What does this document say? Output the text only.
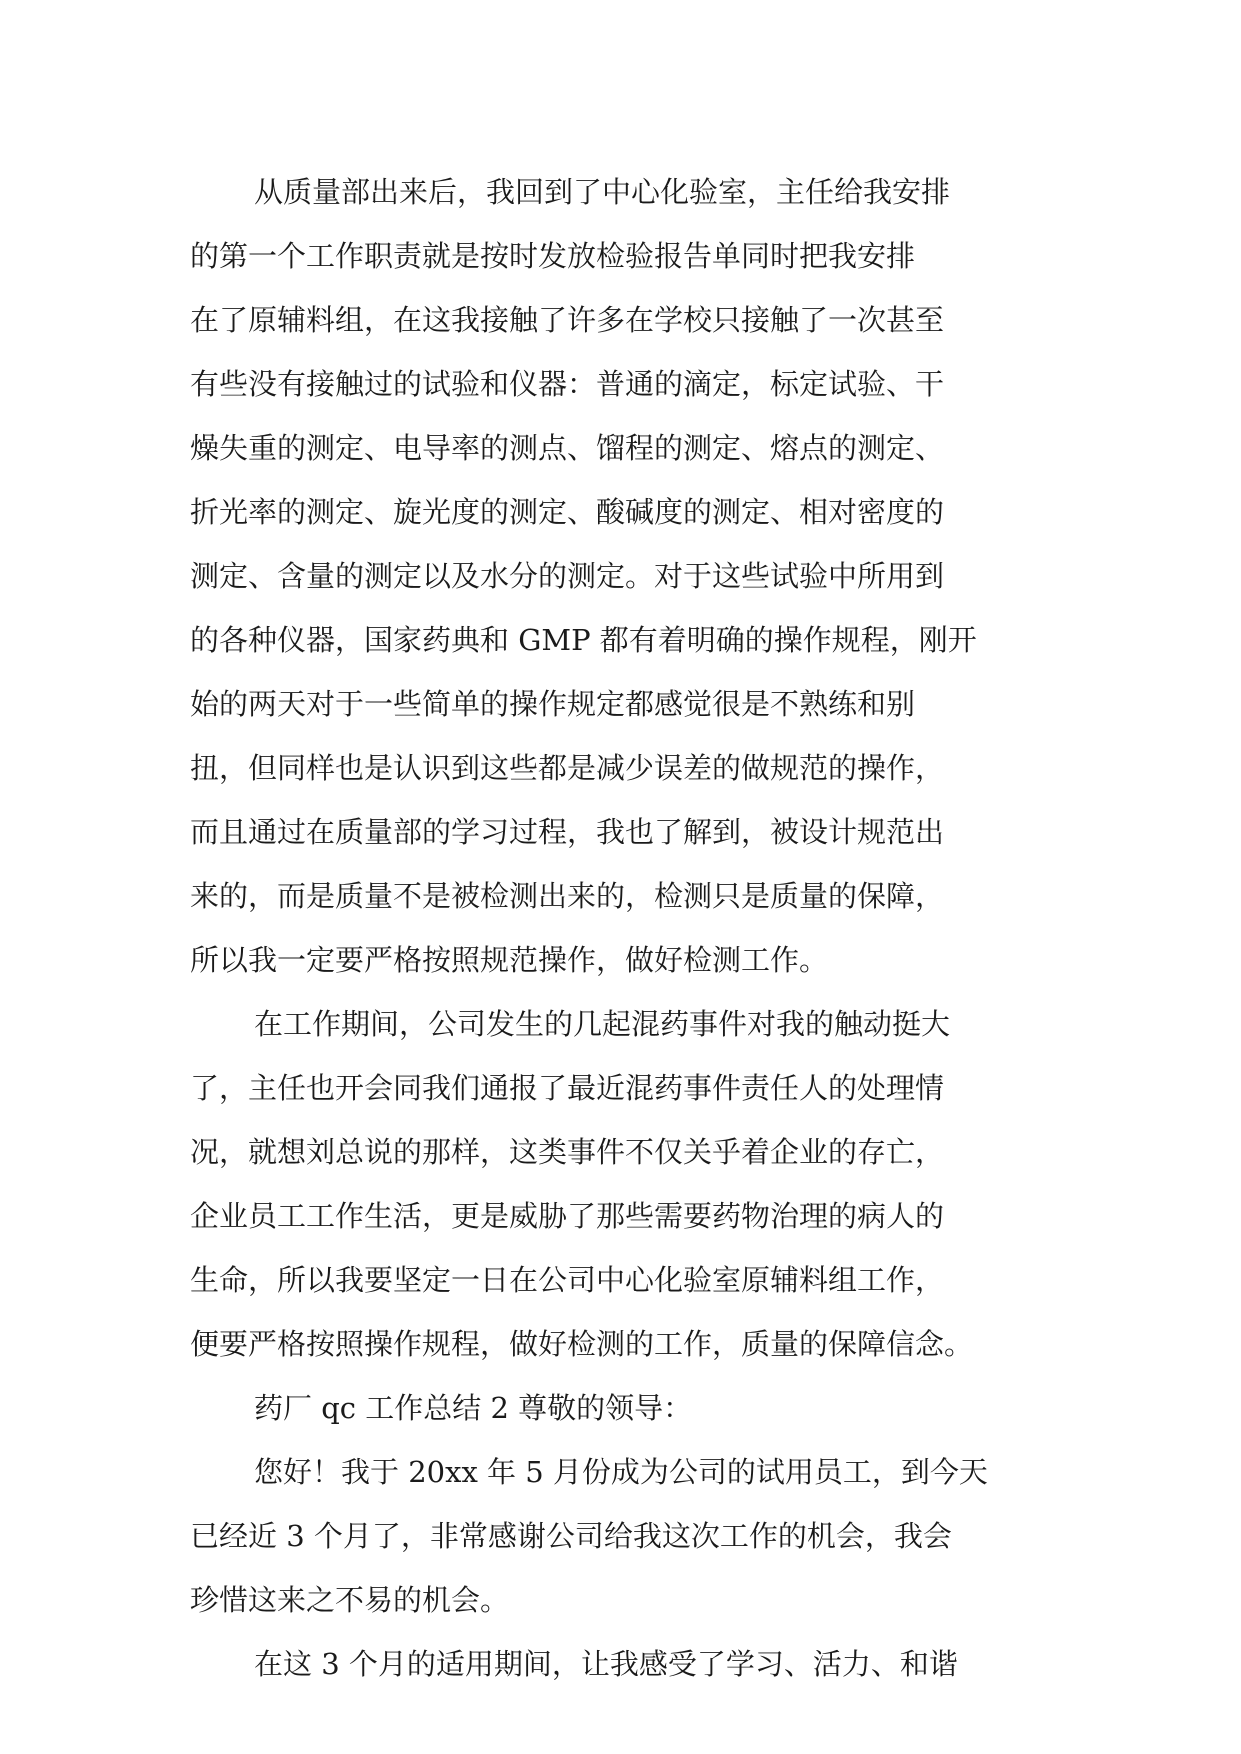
从质量部出来后，我回到了中心化验室，主任给我安排
的第一个工作职责就是按时发放检验报告单同时把我安排
在了原辅料组，在这我接触了许多在学校只接触了一次甚至
有些没有接触过的试验和仪器：普通的滴定，标定试验、干
燥失重的测定、电导率的测点、馏程的测定、熔点的测定、
折光率的测定、旋光度的测定、酸碱度的测定、相对密度的
测定、含量的测定以及水分的测定。对于这些试验中所用到
的各种仪器，国家药典和 GMP 都有着明确的操作规程，刚开
始的两天对于一些简单的操作规定都感觉很是不熟练和别
扭，但同样也是认识到这些都是减少误差的做规范的操作，
而且通过在质量部的学习过程，我也了解到，被设计规范出
来的，而是质量不是被检测出来的，检测只是质量的保障，
所以我一定要严格按照规范操作，做好检测工作。
在工作期间，公司发生的几起混药事件对我的触动挺大
了，主任也开会同我们通报了最近混药事件责任人的处理情
况，就想刘总说的那样，这类事件不仅关乎着企业的存亡，
企业员工工作生活，更是威胁了那些需要药物治理的病人的
生命，所以我要坚定一日在公司中心化验室原辅料组工作，
便要严格按照操作规程，做好检测的工作，质量的保障信念。
药厂 qc 工作总结 2 尊敬的领导：
您好！我于 20xx 年 5 月份成为公司的试用员工，到今天
已经近 3 个月了，非常感谢公司给我这次工作的机会，我会
珍惜这来之不易的机会。
在这 3 个月的适用期间，让我感受了学习、活力、和谐
